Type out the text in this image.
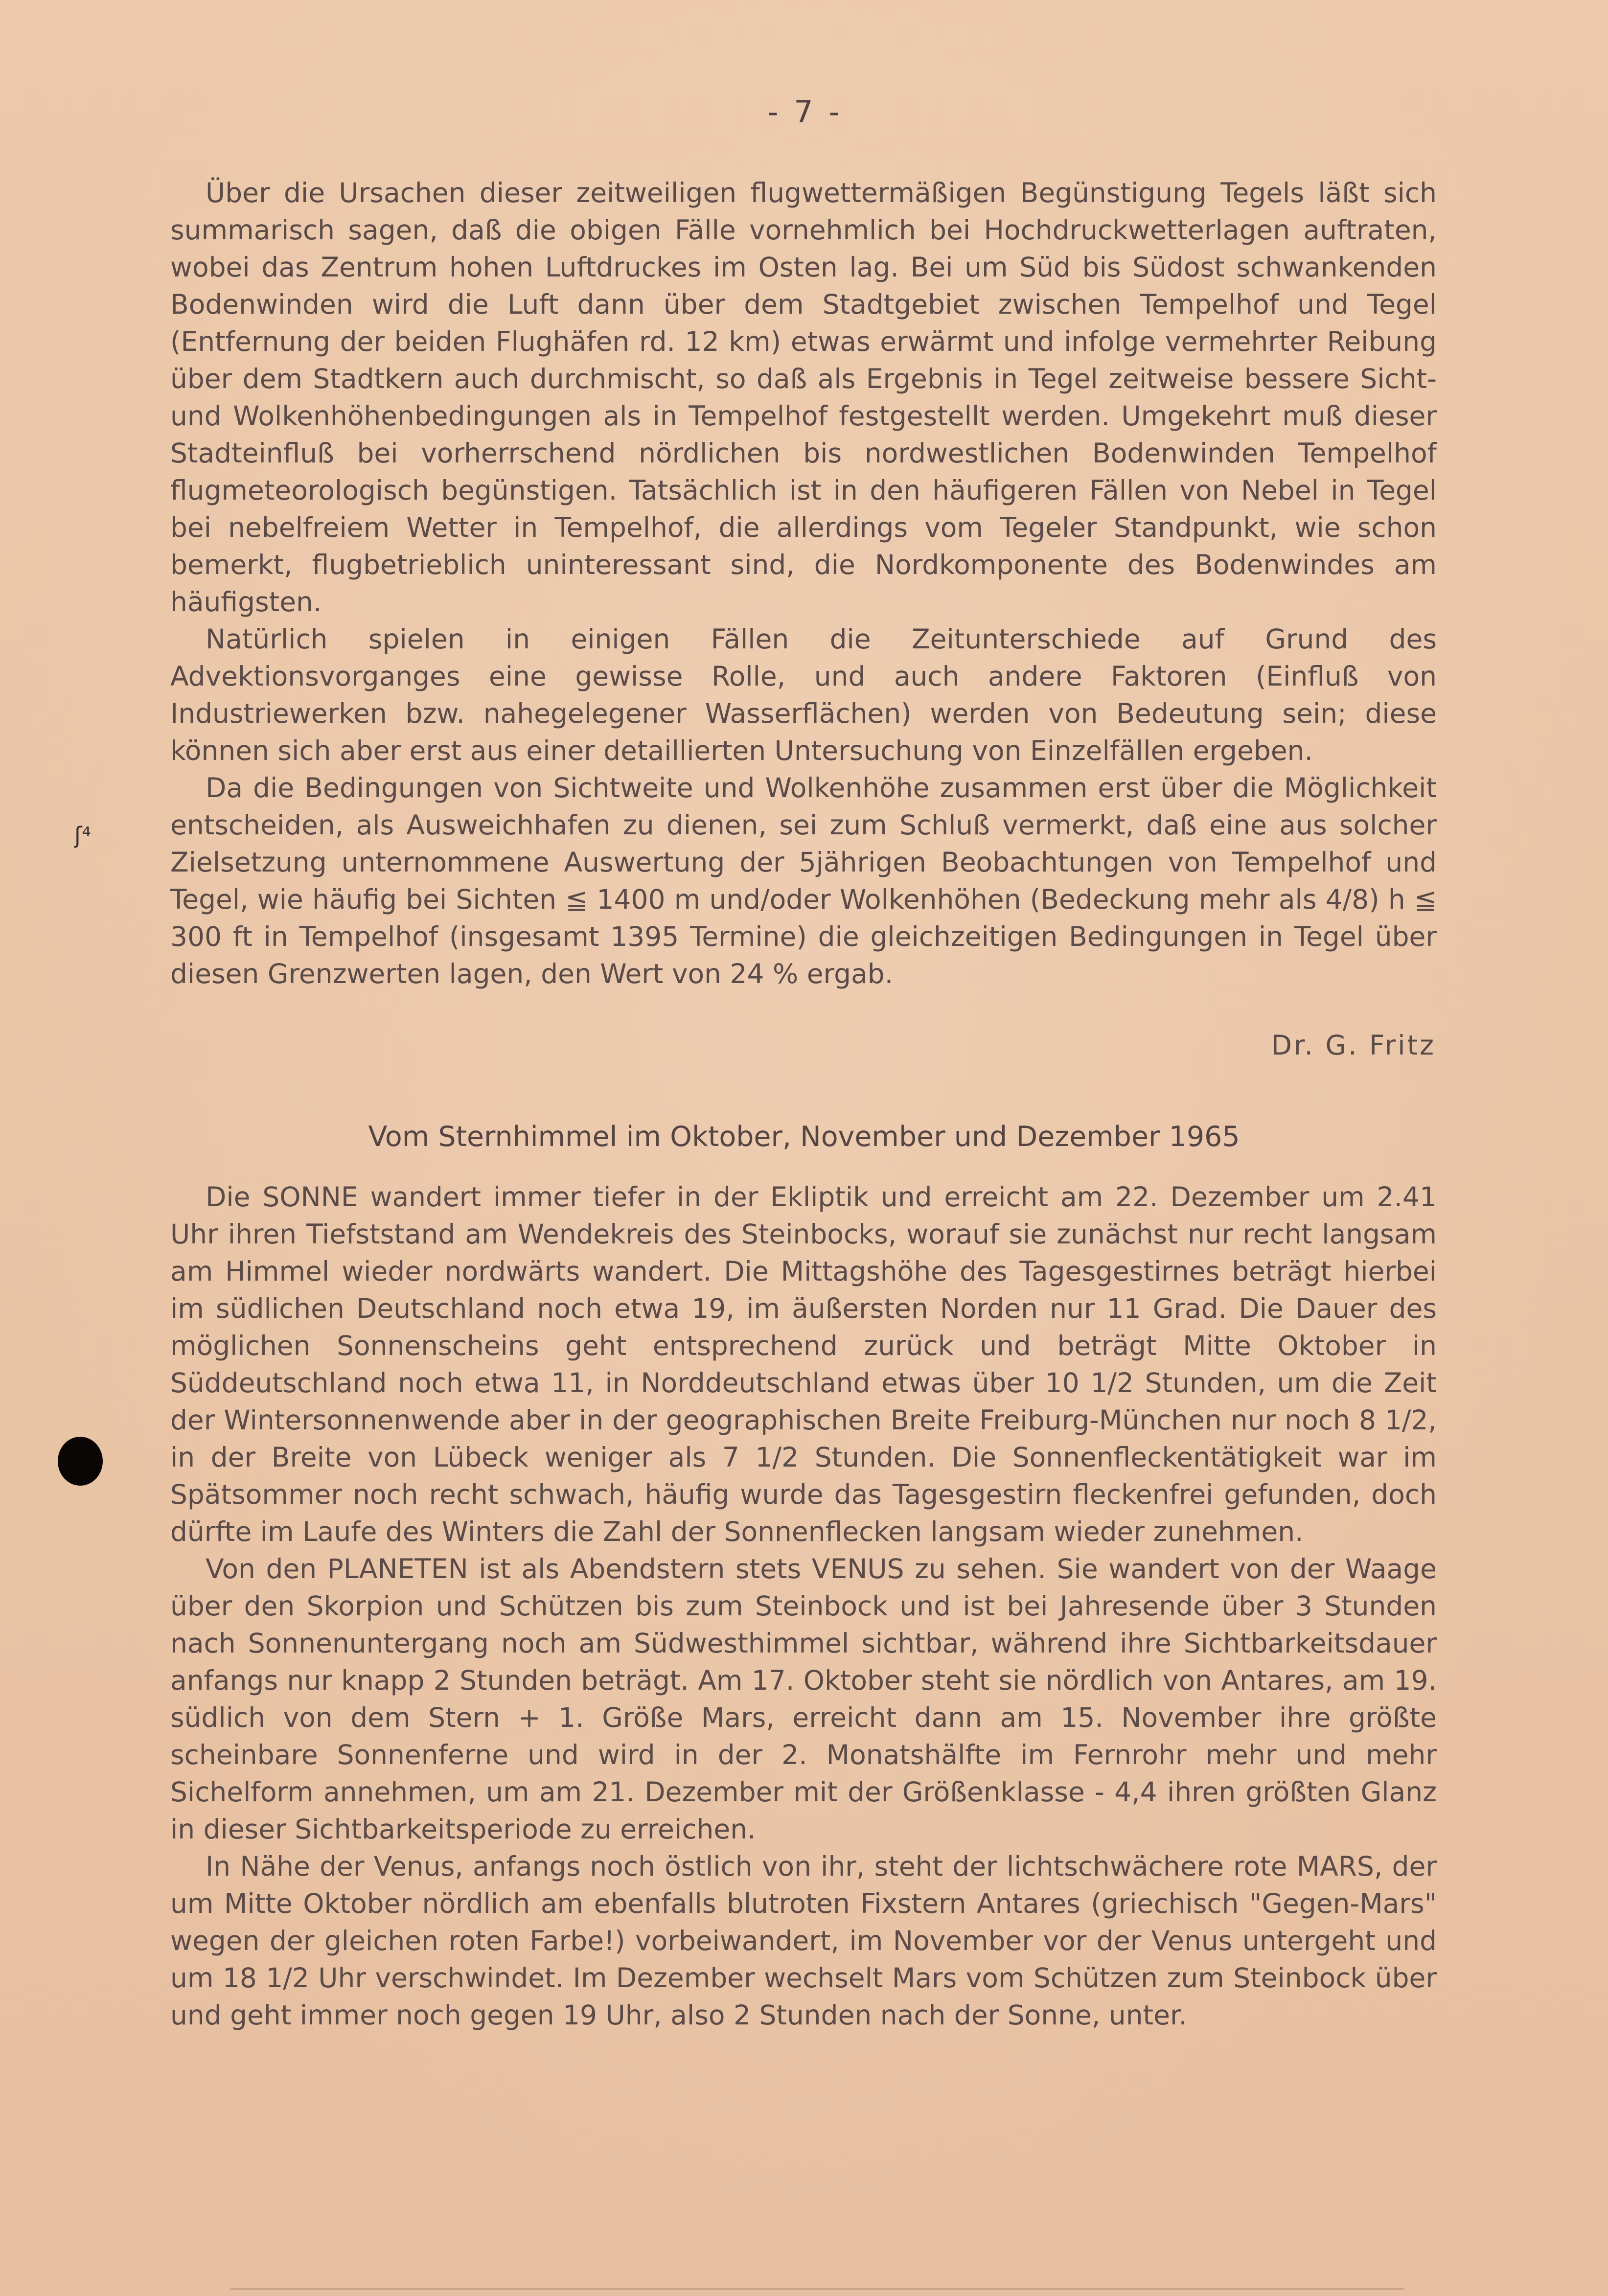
- 7 -

Über die Ursachen dieser zeitweiligen flugwettermäßigen Begünstigung Tegels läßt sich summarisch sagen, daß die obigen Fälle vornehmlich bei Hochdruckwetterlagen auftraten, wobei das Zentrum hohen Luftdruckes im Osten lag. Bei um Süd bis Südost schwankenden Bodenwinden wird die Luft dann über dem Stadtgebiet zwischen Tempelhof und Tegel (Entfernung der beiden Flughäfen rd. 12 km) etwas erwärmt und infolge vermehrter Reibung über dem Stadtkern auch durchmischt, so daß als Ergebnis in Tegel zeitweise bessere Sicht- und Wolkenhöhenbedingungen als in Tempelhof festgestellt werden. Umgekehrt muß dieser Stadteinfluß bei vorherrschend nördlichen bis nordwestlichen Bodenwinden Tempelhof flugmeteorologisch begünstigen. Tatsächlich ist in den häufigeren Fällen von Nebel in Tegel bei nebelfreiem Wetter in Tempelhof, die allerdings vom Tegeler Standpunkt, wie schon bemerkt, flugbetrieblich uninteressant sind, die Nordkomponente des Bodenwindes am häufigsten.

Natürlich spielen in einigen Fällen die Zeitunterschiede auf Grund des Advektionsvorganges eine gewisse Rolle, und auch andere Faktoren (Einfluß von Industriewerken bzw. nahegelegener Wasserflächen) werden von Bedeutung sein; diese können sich aber erst aus einer detaillierten Untersuchung von Einzelfällen ergeben.

Da die Bedingungen von Sichtweite und Wolkenhöhe zusammen erst über die Möglichkeit entscheiden, als Ausweichhafen zu dienen, sei zum Schluß vermerkt, daß eine aus solcher Zielsetzung unternommene Auswertung der 5jährigen Beobachtungen von Tempelhof und Tegel, wie häufig bei Sichten ≦ 1400 m und/oder Wolkenhöhen (Bedeckung mehr als 4/8) h ≦ 300 ft in Tempelhof (insgesamt 1395 Termine) die gleichzeitigen Bedingungen in Tegel über diesen Grenzwerten lagen, den Wert von 24 % ergab.

Dr. G. Fritz
Vom Sternhimmel im Oktober, November und Dezember 1965

Die SONNE wandert immer tiefer in der Ekliptik und erreicht am 22. Dezember um 2.41 Uhr ihren Tiefststand am Wendekreis des Steinbocks, worauf sie zunächst nur recht langsam am Himmel wieder nordwärts wandert. Die Mittagshöhe des Tagesgestirnes beträgt hierbei im südlichen Deutschland noch etwa 19, im äußersten Norden nur 11 Grad. Die Dauer des möglichen Sonnenscheins geht entsprechend zurück und beträgt Mitte Oktober in Süddeutschland noch etwa 11, in Norddeutschland etwas über 10 1/2 Stunden, um die Zeit der Wintersonnenwende aber in der geographischen Breite Freiburg-München nur noch 8 1/2, in der Breite von Lübeck weniger als 7 1/2 Stunden. Die Sonnenfleckentätigkeit war im Spätsommer noch recht schwach, häufig wurde das Tagesgestirn fleckenfrei gefunden, doch dürfte im Laufe des Winters die Zahl der Sonnenflecken langsam wieder zunehmen.

Von den PLANETEN ist als Abendstern stets VENUS zu sehen. Sie wandert von der Waage über den Skorpion und Schützen bis zum Steinbock und ist bei Jahresende über 3 Stunden nach Sonnenuntergang noch am Südwesthimmel sichtbar, während ihre Sichtbarkeitsdauer anfangs nur knapp 2 Stunden beträgt. Am 17. Oktober steht sie nördlich von Antares, am 19. südlich von dem Stern + 1. Größe Mars, erreicht dann am 15. November ihre größte scheinbare Sonnenferne und wird in der 2. Monatshälfte im Fernrohr mehr und mehr Sichelform annehmen, um am 21. Dezember mit der Größenklasse - 4,4 ihren größten Glanz in dieser Sichtbarkeitsperiode zu erreichen.

In Nähe der Venus, anfangs noch östlich von ihr, steht der lichtschwächere rote MARS, der um Mitte Oktober nördlich am ebenfalls blutroten Fixstern Antares (griechisch "Gegen-Mars" wegen der gleichen roten Farbe!) vorbeiwandert, im November vor der Venus untergeht und um 18 1/2 Uhr verschwindet. Im Dezember wechselt Mars vom Schützen zum Steinbock über und geht immer noch gegen 19 Uhr, also 2 Stunden nach der Sonne, unter.

ʃ⁴
